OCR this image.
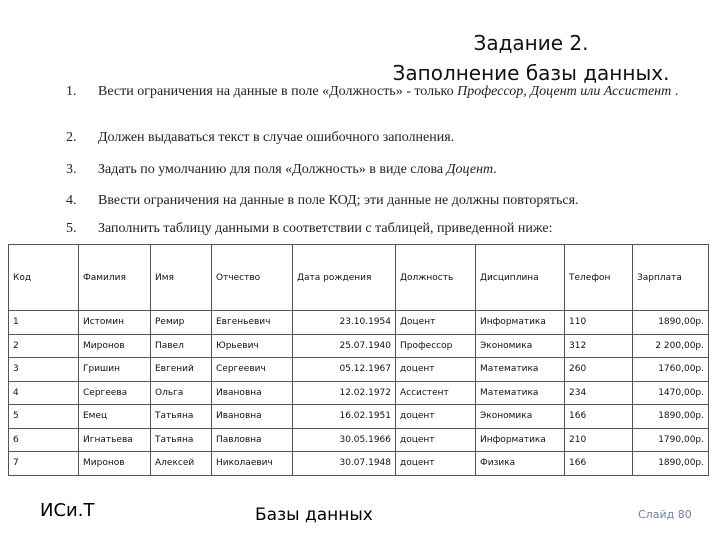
Задание 2.
Заполнение базы данных.
1. Вести ограничения на данные в поле «Должность» - только Профессор, Доцент или Ассистент .
2. Должен выдаваться текст в случае ошибочного заполнения.
3. Задать по умолчанию для поля «Должность» в виде слова Доцент.
4. Ввести ограничения на данные в поле КОД; эти данные не должны повторяться.
5. Заполнить таблицу данными в соответствии с таблицей, приведенной ниже:
Код	Фамилия	Имя	Отчество	Дата рождения	Должность	Дисциплина	Телефон	Зарплата
1	Истомин	Ремир	Евгеньевич	23.10.1954	Доцент	Информатика	110	1890,00р.
2	Миронов	Павел	Юрьевич	25.07.1940	Профессор	Экономика	312	2 200,00р.
3	Гришин	Евгений	Сергеевич	05.12.1967	доцент	Математика	260	1760,00р.
4	Сергеева	Ольга	Ивановна	12.02.1972	Ассистент	Математика	234	1470,00р.
5	Емец	Татьяна	Ивановна	16.02.1951	доцент	Экономика	166	1890,00р.
6	Игнатьева	Татьяна	Павловна	30.05.1966	доцент	Информатика	210	1790,00р.
7	Миронов	Алексей	Николаевич	30.07.1948	доцент	Физика	166	1890,00р.
ИСи.Т	Базы данных	Слайд 80
